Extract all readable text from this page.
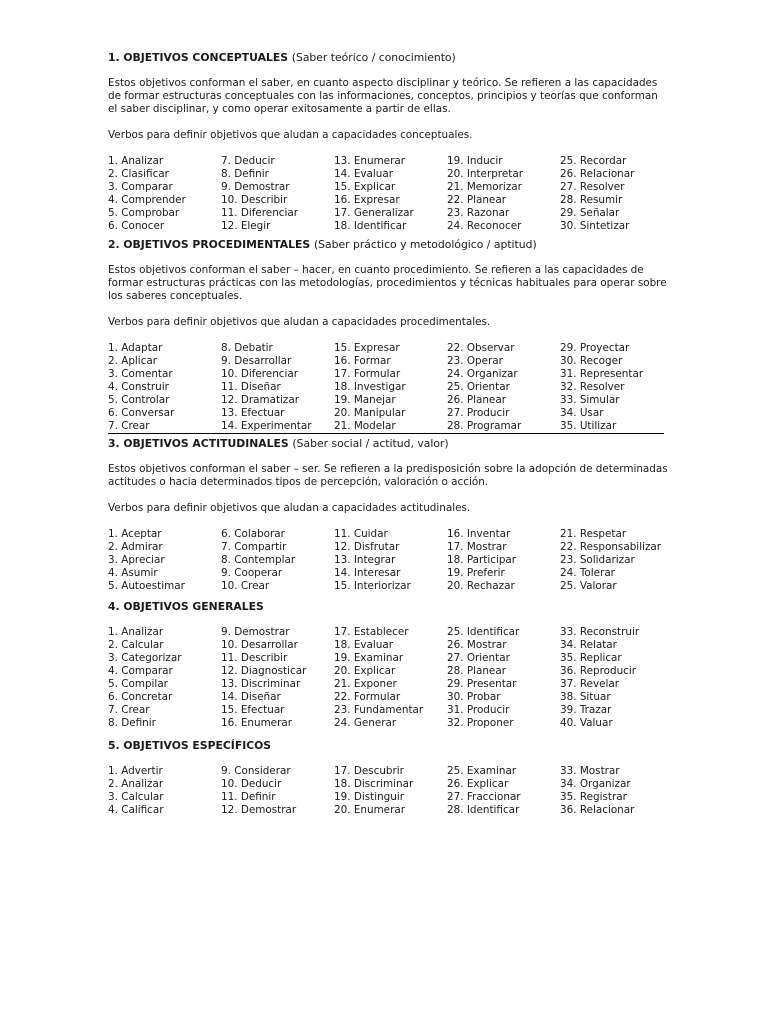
1. OBJETIVOS CONCEPTUALES (Saber teórico / conocimiento)
Estos objetivos conforman el saber, en cuanto aspecto disciplinar y teórico. Se refieren a las capacidades
de formar estructuras conceptuales con las informaciones, conceptos, principios y teorías que conforman
el saber disciplinar, y como operar exitosamente a partir de ellas.
Verbos para definir objetivos que aludan a capacidades conceptuales.
1. Analizar
2. Clasificar
3. Comparar
4. Comprender
5. Comprobar
6. Conocer
7. Deducir
8. Definir
9. Demostrar
10. Describir
11. Diferenciar
12. Elegir
13. Enumerar
14. Evaluar
15. Explicar
16. Expresar
17. Generalizar
18. Identificar
19. Inducir
20. Interpretar
21. Memorizar
22. Planear
23. Razonar
24. Reconocer
25. Recordar
26. Relacionar
27. Resolver
28. Resumir
29. Señalar
30. Sintetizar
2. OBJETIVOS PROCEDIMENTALES (Saber práctico y metodológico / aptitud)
Estos objetivos conforman el saber – hacer, en cuanto procedimiento. Se refieren a las capacidades de
formar estructuras prácticas con las metodologías, procedimientos y técnicas habituales para operar sobre
los saberes conceptuales.
Verbos para definir objetivos que aludan a capacidades procedimentales.
1. Adaptar
2. Aplicar
3. Comentar
4. Construir
5. Controlar
6. Conversar
7. Crear
8. Debatir
9. Desarrollar
10. Diferenciar
11. Diseñar
12. Dramatizar
13. Efectuar
14. Experimentar
15. Expresar
16. Formar
17. Formular
18. Investigar
19. Manejar
20. Manipular
21. Modelar
22. Observar
23. Operar
24. Organizar
25. Orientar
26. Planear
27. Producir
28. Programar
29. Proyectar
30. Recoger
31. Representar
32. Resolver
33. Simular
34. Usar
35. Utilizar
3. OBJETIVOS ACTITUDINALES (Saber social / actitud, valor)
Estos objetivos conforman el saber – ser. Se refieren a la predisposición sobre la adopción de determinadas
actitudes o hacia determinados tipos de percepción, valoración o acción.
Verbos para definir objetivos que aludan a capacidades actitudinales.
1. Aceptar
2. Admirar
3. Apreciar
4. Asumir
5. Autoestimar
6. Colaborar
7. Compartir
8. Contemplar
9. Cooperar
10. Crear
11. Cuidar
12. Disfrutar
13. Integrar
14. Interesar
15. Interiorizar
16. Inventar
17. Mostrar
18. Participar
19. Preferir
20. Rechazar
21. Respetar
22. Responsabilizar
23. Solidarizar
24. Tolerar
25. Valorar
4. OBJETIVOS GENERALES
1. Analizar
2. Calcular
3. Categorizar
4. Comparar
5. Compilar
6. Concretar
7. Crear
8. Definir
9. Demostrar
10. Desarrollar
11. Describir
12. Diagnosticar
13. Discriminar
14. Diseñar
15. Efectuar
16. Enumerar
17. Establecer
18. Evaluar
19. Examinar
20. Explicar
21. Exponer
22. Formular
23. Fundamentar
24. Generar
25. Identificar
26. Mostrar
27. Orientar
28. Planear
29. Presentar
30. Probar
31. Producir
32. Proponer
33. Reconstruir
34. Relatar
35. Replicar
36. Reproducir
37. Revelar
38. Situar
39. Trazar
40. Valuar
5. OBJETIVOS ESPECÍFICOS
1. Advertir
2. Analizar
3. Calcular
4. Calificar
9. Considerar
10. Deducir
11. Definir
12. Demostrar
17. Descubrir
18. Discriminar
19. Distinguir
20. Enumerar
25. Examinar
26. Explicar
27. Fraccionar
28. Identificar
33. Mostrar
34. Organizar
35. Registrar
36. Relacionar
